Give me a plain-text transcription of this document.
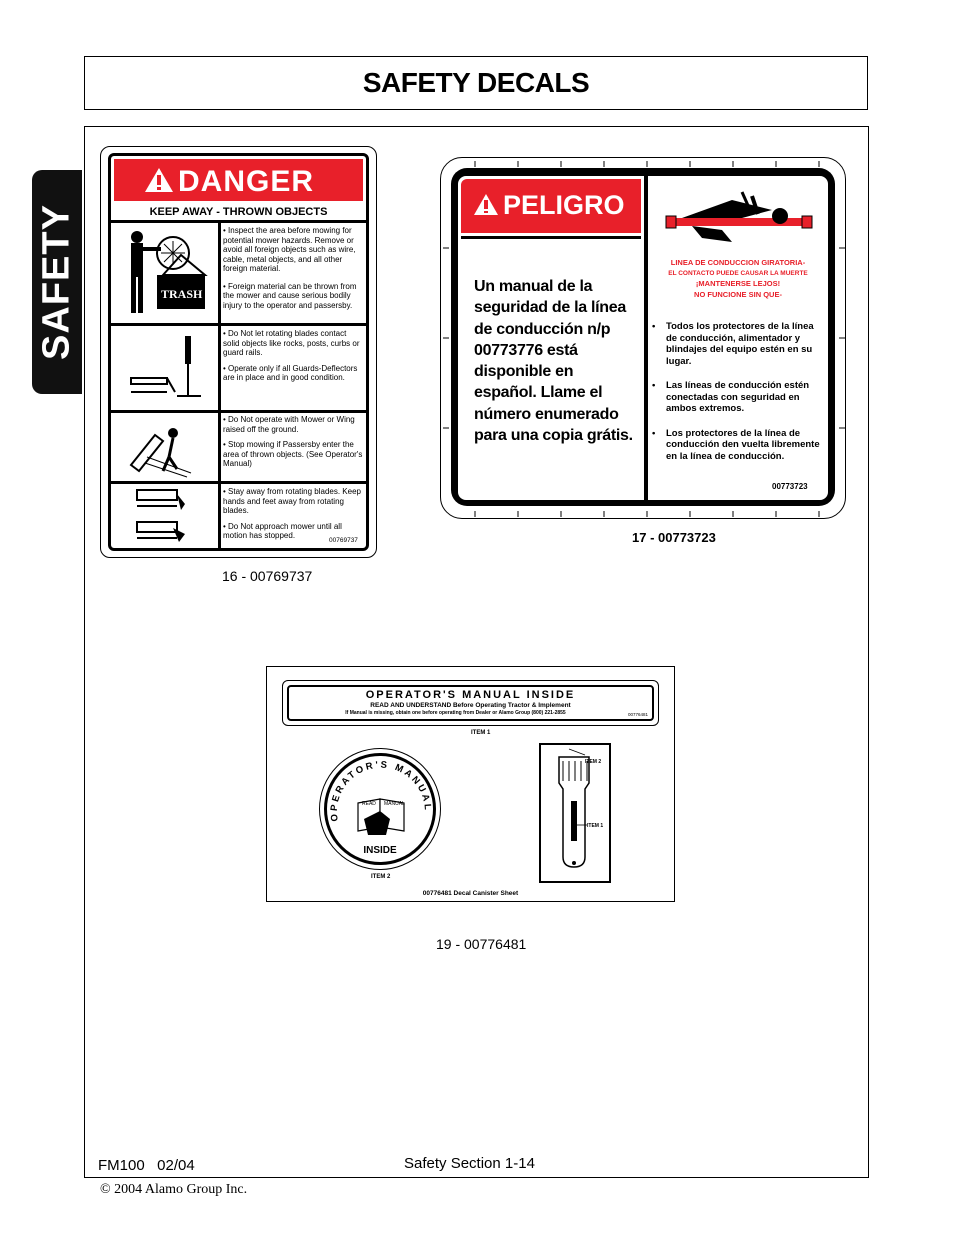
SAFETY DECALS
SAFETY
DANGER
KEEP AWAY - THROWN OBJECTS
TRASH
• Inspect the area before mowing for potential mower hazards. Remove or avoid all foreign objects such as wire, cable, metal objects, and all other foreign material.
• Foreign material can be thrown from the mower and cause serious bodily injury to the operator and passersby.
• Do Not let rotating blades contact solid objects like rocks, posts, curbs or guard rails.
• Operate only if all Guards-Deflectors are in place and in good condition.
• Do Not operate with Mower or Wing raised off the ground.
• Stop mowing if Passersby enter the area of thrown objects. (See Operator's Manual)
• Stay away from rotating blades. Keep hands and feet away from rotating blades.
• Do Not approach mower until all motion has stopped.
00769737
16 - 00769737
PELIGRO
Un manual de la seguridad de la línea de conducción n/p 00773776 está disponible en español. Llame el número enumerado para una copia grátis.
LINEA DE CONDUCCION GIRATORIA-
EL CONTACTO PUEDE CAUSAR LA MUERTE
¡MANTENERSE LEJOS!
NO FUNCIONE SIN QUE-
•	Todos los protectores de la línea de conducción, alimentador y blindajes del equipo estén en su lugar.
•	Las líneas de conducción estén conectadas con seguridad en ambos extremos.
•	Los protectores de la línea de conducción den vuelta libremente en la línea de conducción.
00773723
17 - 00773723
OPERATOR'S MANUAL INSIDE
READ AND UNDERSTAND Before Operating Tractor & Implement
If Manual is missing, obtain one before operating from Dealer or Alamo Group (800) 221-2855	00776481
ITEM 1
OPERATOR'S MANUAL
READ MANUAL
INSIDE
ITEM 2
ITEM 2
ITEM 1
00776481 Decal Canister Sheet
19 - 00776481
FM100   02/04	Safety Section 1-14
© 2004 Alamo Group Inc.
